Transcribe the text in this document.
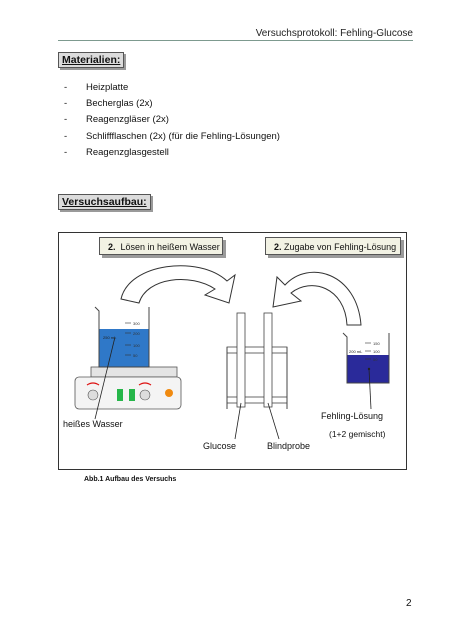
Versuchsprotokoll: Fehling-Glucose
Materialien:
-	Heizplatte
-	Becherglas (2x)
-	Reagenzgläser (2x)
-	Schliffflaschen (2x) (für die Fehling-Lösungen)
-	Reagenzglasgestell
Versuchsaufbau:
300
200
100
50
250 mL
150
100
50
200 mL
2. Lösen in heißem Wasser	2. Zugabe von Fehling-Lösung
heißes Wasser
Glucose	Blindprobe
Fehling-Lösung
(1+2 gemischt)
Abb.1 Aufbau des Versuchs
2
